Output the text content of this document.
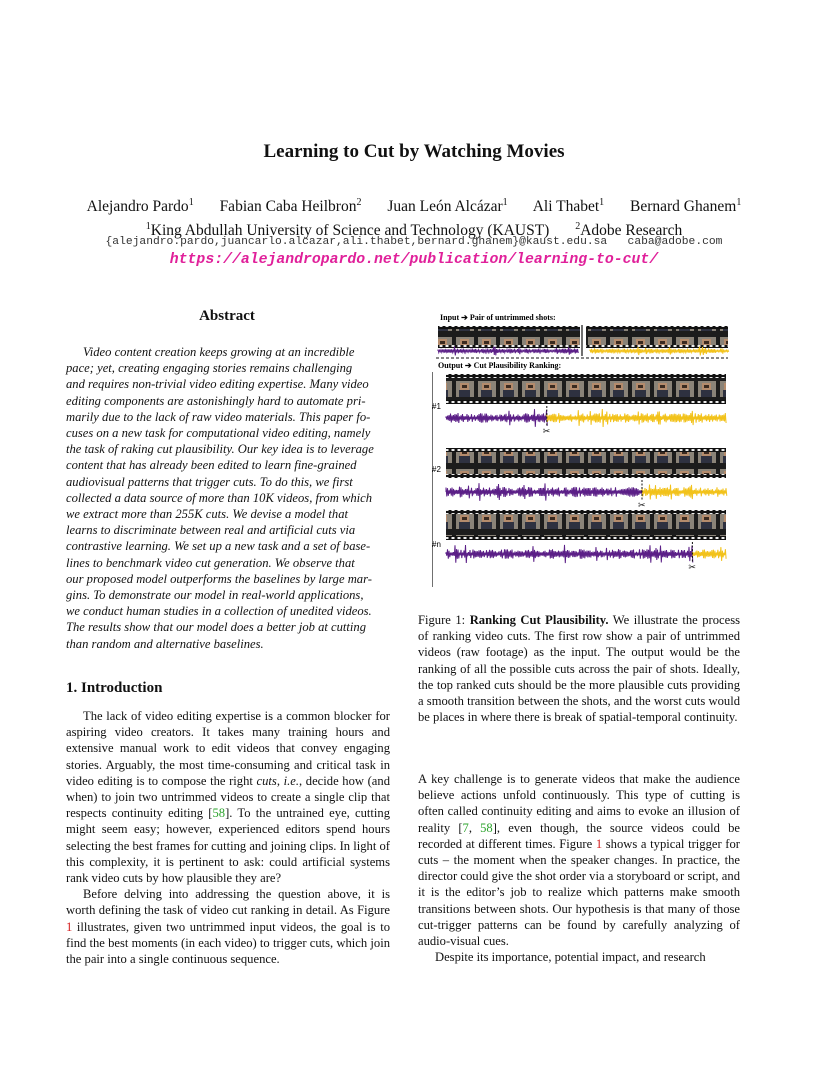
Learning to Cut by Watching Movies
Alejandro Pardo$^1$ Fabian Caba Heilbron$^2$ Juan León Alcázar$^1$ Ali Thabet$^1$ Bernard Ghanem$^1$
$^1$King Abdullah University of Science and Technology (KAUST)	$^2$Adobe Research
{alejandro.pardo,juancarlo.alcazar,ali.thabet,bernard.ghanem}@kaust.edu.sa caba@adobe.com
https://alejandropardo.net/publication/learning-to-cut/
Abstract
Video content creation keeps growing at an incredible
pace; yet, creating engaging stories remains challenging
and requires non-trivial video editing expertise. Many video
editing components are astonishingly hard to automate pri-
marily due to the lack of raw video materials. This paper fo-
cuses on a new task for computational video editing, namely
the task of raking cut plausibility. Our key idea is to leverage
content that has already been edited to learn fine-grained
audiovisual patterns that trigger cuts. To do this, we first
collected a data source of more than 10K videos, from which
we extract more than 255K cuts. We devise a model that
learns to discriminate between real and artificial cuts via
contrastive learning. We set up a new task and a set of base-
lines to benchmark video cut generation. We observe that
our proposed model outperforms the baselines by large mar-
gins. To demonstrate our model in real-world applications,
we conduct human studies in a collection of unedited videos.
The results show that our model does a better job at cutting
than random and alternative baselines.
1. Introduction

The lack of video editing expertise is a common blocker for aspiring video creators. It takes many training hours and extensive manual work to edit videos that convey engaging stories. Arguably, the most time-consuming and critical task in video editing is to compose the right cuts, i.e., decide how (and when) to join two untrimmed videos to create a single clip that respects continuity editing [58]. To the untrained eye, cutting might seem easy; however, experienced editors spend hours selecting the best frames for cutting and joining clips. In light of this complexity, it is pertinent to ask: could artificial systems rank video cuts by how plausible they are?

Before delving into addressing the question above, it is worth defining the task of video cut ranking in detail. As Figure 1 illustrates, given two untrimmed input videos, the goal is to find the best moments (in each video) to trigger cuts, which join the pair into a single continuous sequence.

Input ➔ Pair of untrimmed shots:
Output ➔ Cut Plausibility Ranking:
#1
✂
#2
✂
#n
✂
Figure 1: Ranking Cut Plausibility. We illustrate the process of ranking video cuts. The first row show a pair of untrimmed videos (raw footage) as the input. The output would be the ranking of all the possible cuts across the pair of shots. Ideally, the top ranked cuts should be the more plausible cuts providing a smooth transition between the shots, and the worst cuts would be places in where there is break of spatial-temporal continuity.

A key challenge is to generate videos that make the audience believe actions unfold continuously. This type of cutting is often called continuity editing and aims to evoke an illusion of reality [7, 58], even though, the source videos could be recorded at different times. Figure 1 shows a typical trigger for cuts – the moment when the speaker changes. In practice, the director could give the shot order via a storyboard or script, and it is the editor’s job to realize which patterns make smooth transitions between shots. Our hypothesis is that many of those cut-trigger patterns can be found by carefully analyzing of audio-visual cues.

Despite its importance, potential impact, and research
